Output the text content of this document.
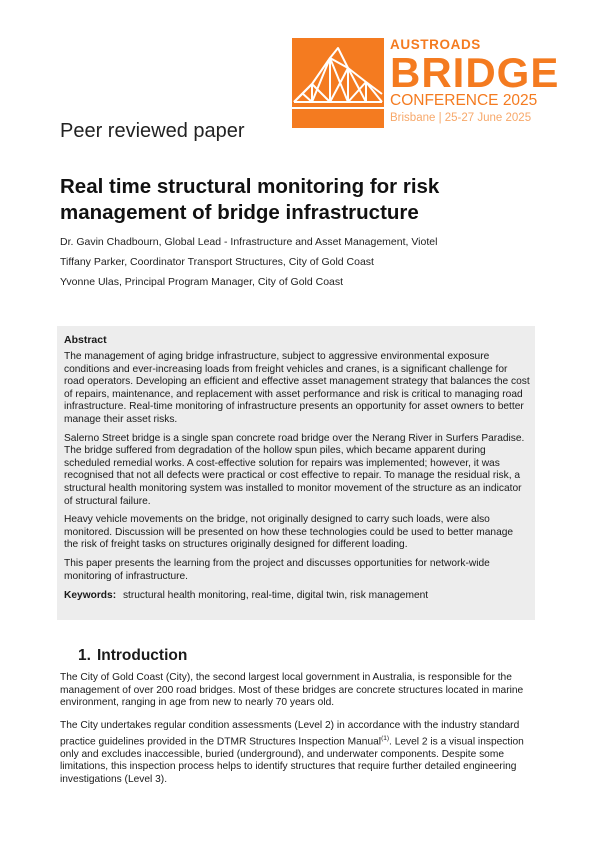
AUSTROADS
BRIDGE
CONFERENCE 2025
Brisbane | 25-27 June 2025
Peer reviewed paper
Real time structural monitoring for risk
management of bridge infrastructure
Dr. Gavin Chadbourn, Global Lead - Infrastructure and Asset Management, Viotel
Tiffany Parker, Coordinator Transport Structures, City of Gold Coast
Yvonne Ulas, Principal Program Manager, City of Gold Coast
Abstract

The management of aging bridge infrastructure, subject to aggressive environmental exposure conditions and ever-increasing loads from freight vehicles and cranes, is a significant challenge for road operators. Developing an efficient and effective asset management strategy that balances the cost of repairs, maintenance, and replacement with asset performance and risk is critical to managing road infrastructure. Real-time monitoring of infrastructure presents an opportunity for asset owners to better manage their asset risks.

Salerno Street bridge is a single span concrete road bridge over the Nerang River in Surfers Paradise. The bridge suffered from degradation of the hollow spun piles, which became apparent during scheduled remedial works. A cost-effective solution for repairs was implemented; however, it was recognised that not all defects were practical or cost effective to repair. To manage the residual risk, a structural health monitoring system was installed to monitor movement of the structure as an indicator of structural failure.

Heavy vehicle movements on the bridge, not originally designed to carry such loads, were also monitored. Discussion will be presented on how these technologies could be used to better manage the risk of freight tasks on structures originally designed for different loading.

This paper presents the learning from the project and discusses opportunities for network-wide monitoring of infrastructure.

Keywords: structural health monitoring, real-time, digital twin, risk management
1. Introduction

The City of Gold Coast (City), the second largest local government in Australia, is responsible for the management of over 200 road bridges. Most of these bridges are concrete structures located in marine environment, ranging in age from new to nearly 70 years old.

The City undertakes regular condition assessments (Level 2) in accordance with the industry standard practice guidelines provided in the DTMR Structures Inspection Manual$^{(1)}$. Level 2 is a visual inspection only and excludes inaccessible, buried (underground), and underwater components. Despite some limitations, this inspection process helps to identify structures that require further detailed engineering investigations (Level 3).
